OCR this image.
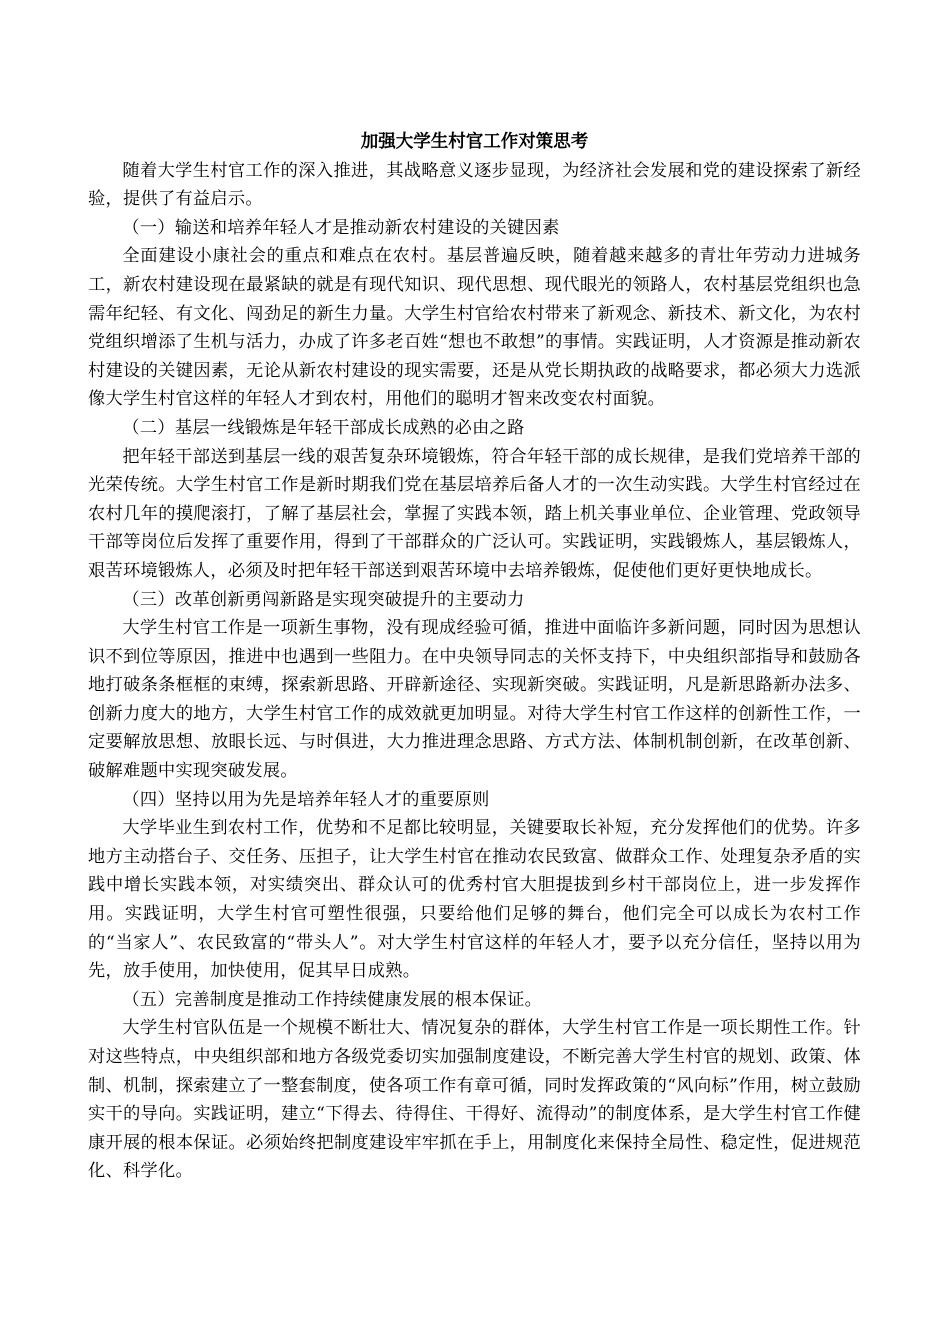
加强大学生村官工作对策思考

随着大学生村官工作的深入推进，其战略意义逐步显现，为经济社会发展和党的建设探索了新经验，提供了有益启示。

（一）输送和培养年轻人才是推动新农村建设的关键因素

全面建设小康社会的重点和难点在农村。基层普遍反映，随着越来越多的青壮年劳动力进城务工，新农村建设现在最紧缺的就是有现代知识、现代思想、现代眼光的领路人，农村基层党组织也急需年纪轻、有文化、闯劲足的新生力量。大学生村官给农村带来了新观念、新技术、新文化，为农村党组织增添了生机与活力，办成了许多老百姓“想也不敢想”的事情。实践证明，人才资源是推动新农村建设的关键因素，无论从新农村建设的现实需要，还是从党长期执政的战略要求，都必须大力选派像大学生村官这样的年轻人才到农村，用他们的聪明才智来改变农村面貌。

（二）基层一线锻炼是年轻干部成长成熟的必由之路

把年轻干部送到基层一线的艰苦复杂环境锻炼，符合年轻干部的成长规律，是我们党培养干部的光荣传统。大学生村官工作是新时期我们党在基层培养后备人才的一次生动实践。大学生村官经过在农村几年的摸爬滚打，了解了基层社会，掌握了实践本领，踏上机关事业单位、企业管理、党政领导干部等岗位后发挥了重要作用，得到了干部群众的广泛认可。实践证明，实践锻炼人，基层锻炼人，艰苦环境锻炼人，必须及时把年轻干部送到艰苦环境中去培养锻炼，促使他们更好更快地成长。

（三）改革创新勇闯新路是实现突破提升的主要动力

大学生村官工作是一项新生事物，没有现成经验可循，推进中面临许多新问题，同时因为思想认识不到位等原因，推进中也遇到一些阻力。在中央领导同志的关怀支持下，中央组织部指导和鼓励各地打破条条框框的束缚，探索新思路、开辟新途径、实现新突破。实践证明，凡是新思路新办法多、创新力度大的地方，大学生村官工作的成效就更加明显。对待大学生村官工作这样的创新性工作，一定要解放思想、放眼长远、与时俱进，大力推进理念思路、方式方法、体制机制创新，在改革创新、破解难题中实现突破发展。

（四）坚持以用为先是培养年轻人才的重要原则

大学毕业生到农村工作，优势和不足都比较明显，关键要取长补短，充分发挥他们的优势。许多地方主动搭台子、交任务、压担子，让大学生村官在推动农民致富、做群众工作、处理复杂矛盾的实践中增长实践本领，对实绩突出、群众认可的优秀村官大胆提拔到乡村干部岗位上，进一步发挥作用。实践证明，大学生村官可塑性很强，只要给他们足够的舞台，他们完全可以成长为农村工作的“当家人”、农民致富的“带头人”。对大学生村官这样的年轻人才，要予以充分信任，坚持以用为先，放手使用，加快使用，促其早日成熟。

（五）完善制度是推动工作持续健康发展的根本保证。

大学生村官队伍是一个规模不断壮大、情况复杂的群体，大学生村官工作是一项长期性工作。针对这些特点，中央组织部和地方各级党委切实加强制度建设，不断完善大学生村官的规划、政策、体制、机制，探索建立了一整套制度，使各项工作有章可循，同时发挥政策的“风向标”作用，树立鼓励实干的导向。实践证明，建立“下得去、待得住、干得好、流得动”的制度体系，是大学生村官工作健康开展的根本保证。必须始终把制度建设牢牢抓在手上，用制度化来保持全局性、稳定性，促进规范化、科学化。
